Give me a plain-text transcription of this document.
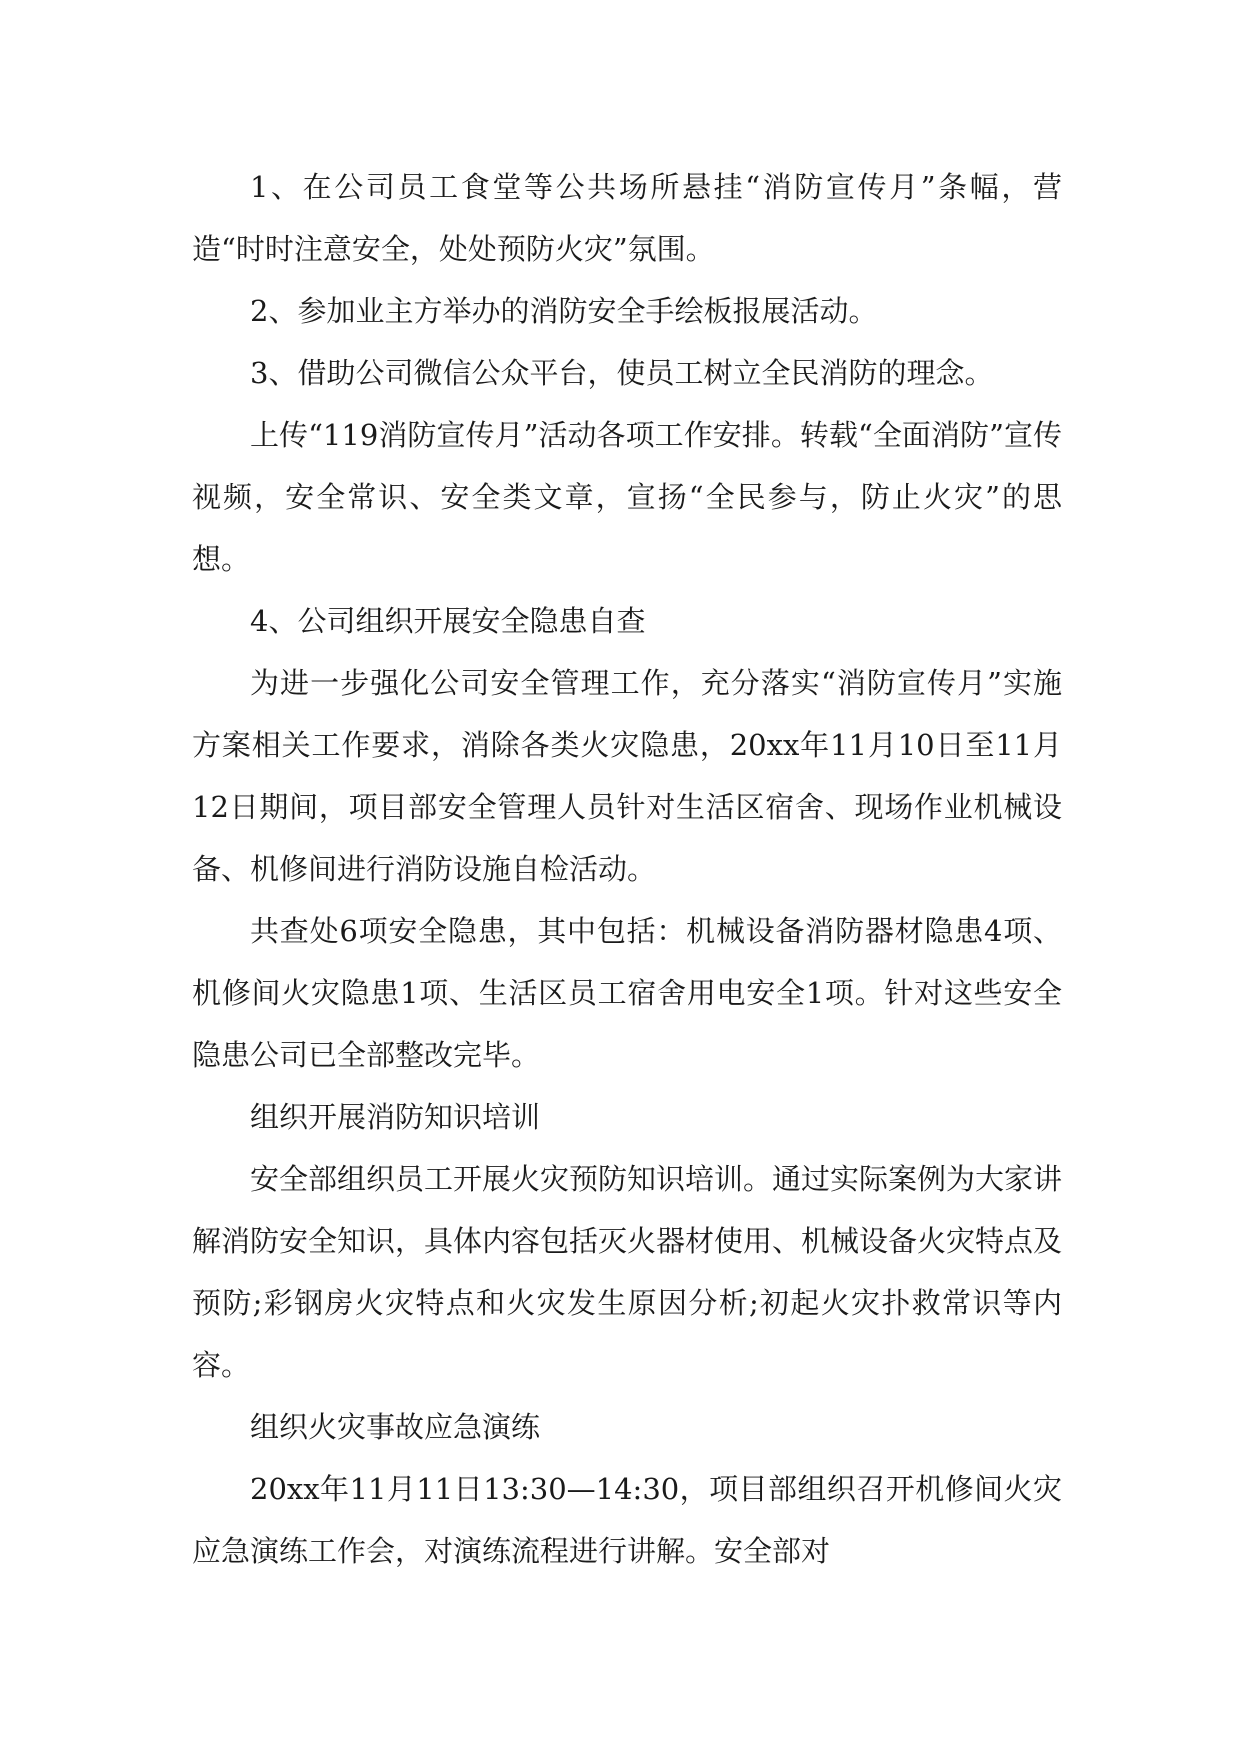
1、在公司员工食堂等公共场所悬挂“消防宣传月”条幅，营造“时时注意安全，处处预防火灾”氛围。

2、参加业主方举办的消防安全手绘板报展活动。

3、借助公司微信公众平台，使员工树立全民消防的理念。

上传“119消防宣传月”活动各项工作安排。转载“全面消防”宣传视频，安全常识、安全类文章，宣扬“全民参与，防止火灾”的思想。

4、公司组织开展安全隐患自查

为进一步强化公司安全管理工作，充分落实“消防宣传月”实施方案相关工作要求，消除各类火灾隐患，20xx年11月10日至11月12日期间，项目部安全管理人员针对生活区宿舍、现场作业机械设备、机修间进行消防设施自检活动。

共查处6项安全隐患，其中包括：机械设备消防器材隐患4项、机修间火灾隐患1项、生活区员工宿舍用电安全1项。针对这些安全隐患公司已全部整改完毕。

组织开展消防知识培训

安全部组织员工开展火灾预防知识培训。通过实际案例为大家讲解消防安全知识，具体内容包括灭火器材使用、机械设备火灾特点及预防;彩钢房火灾特点和火灾发生原因分析;初起火灾扑救常识等内容。

组织火灾事故应急演练

20xx年11月11日13:30—14:30，项目部组织召开机修间火灾应急演练工作会，对演练流程进行讲解。安全部对
